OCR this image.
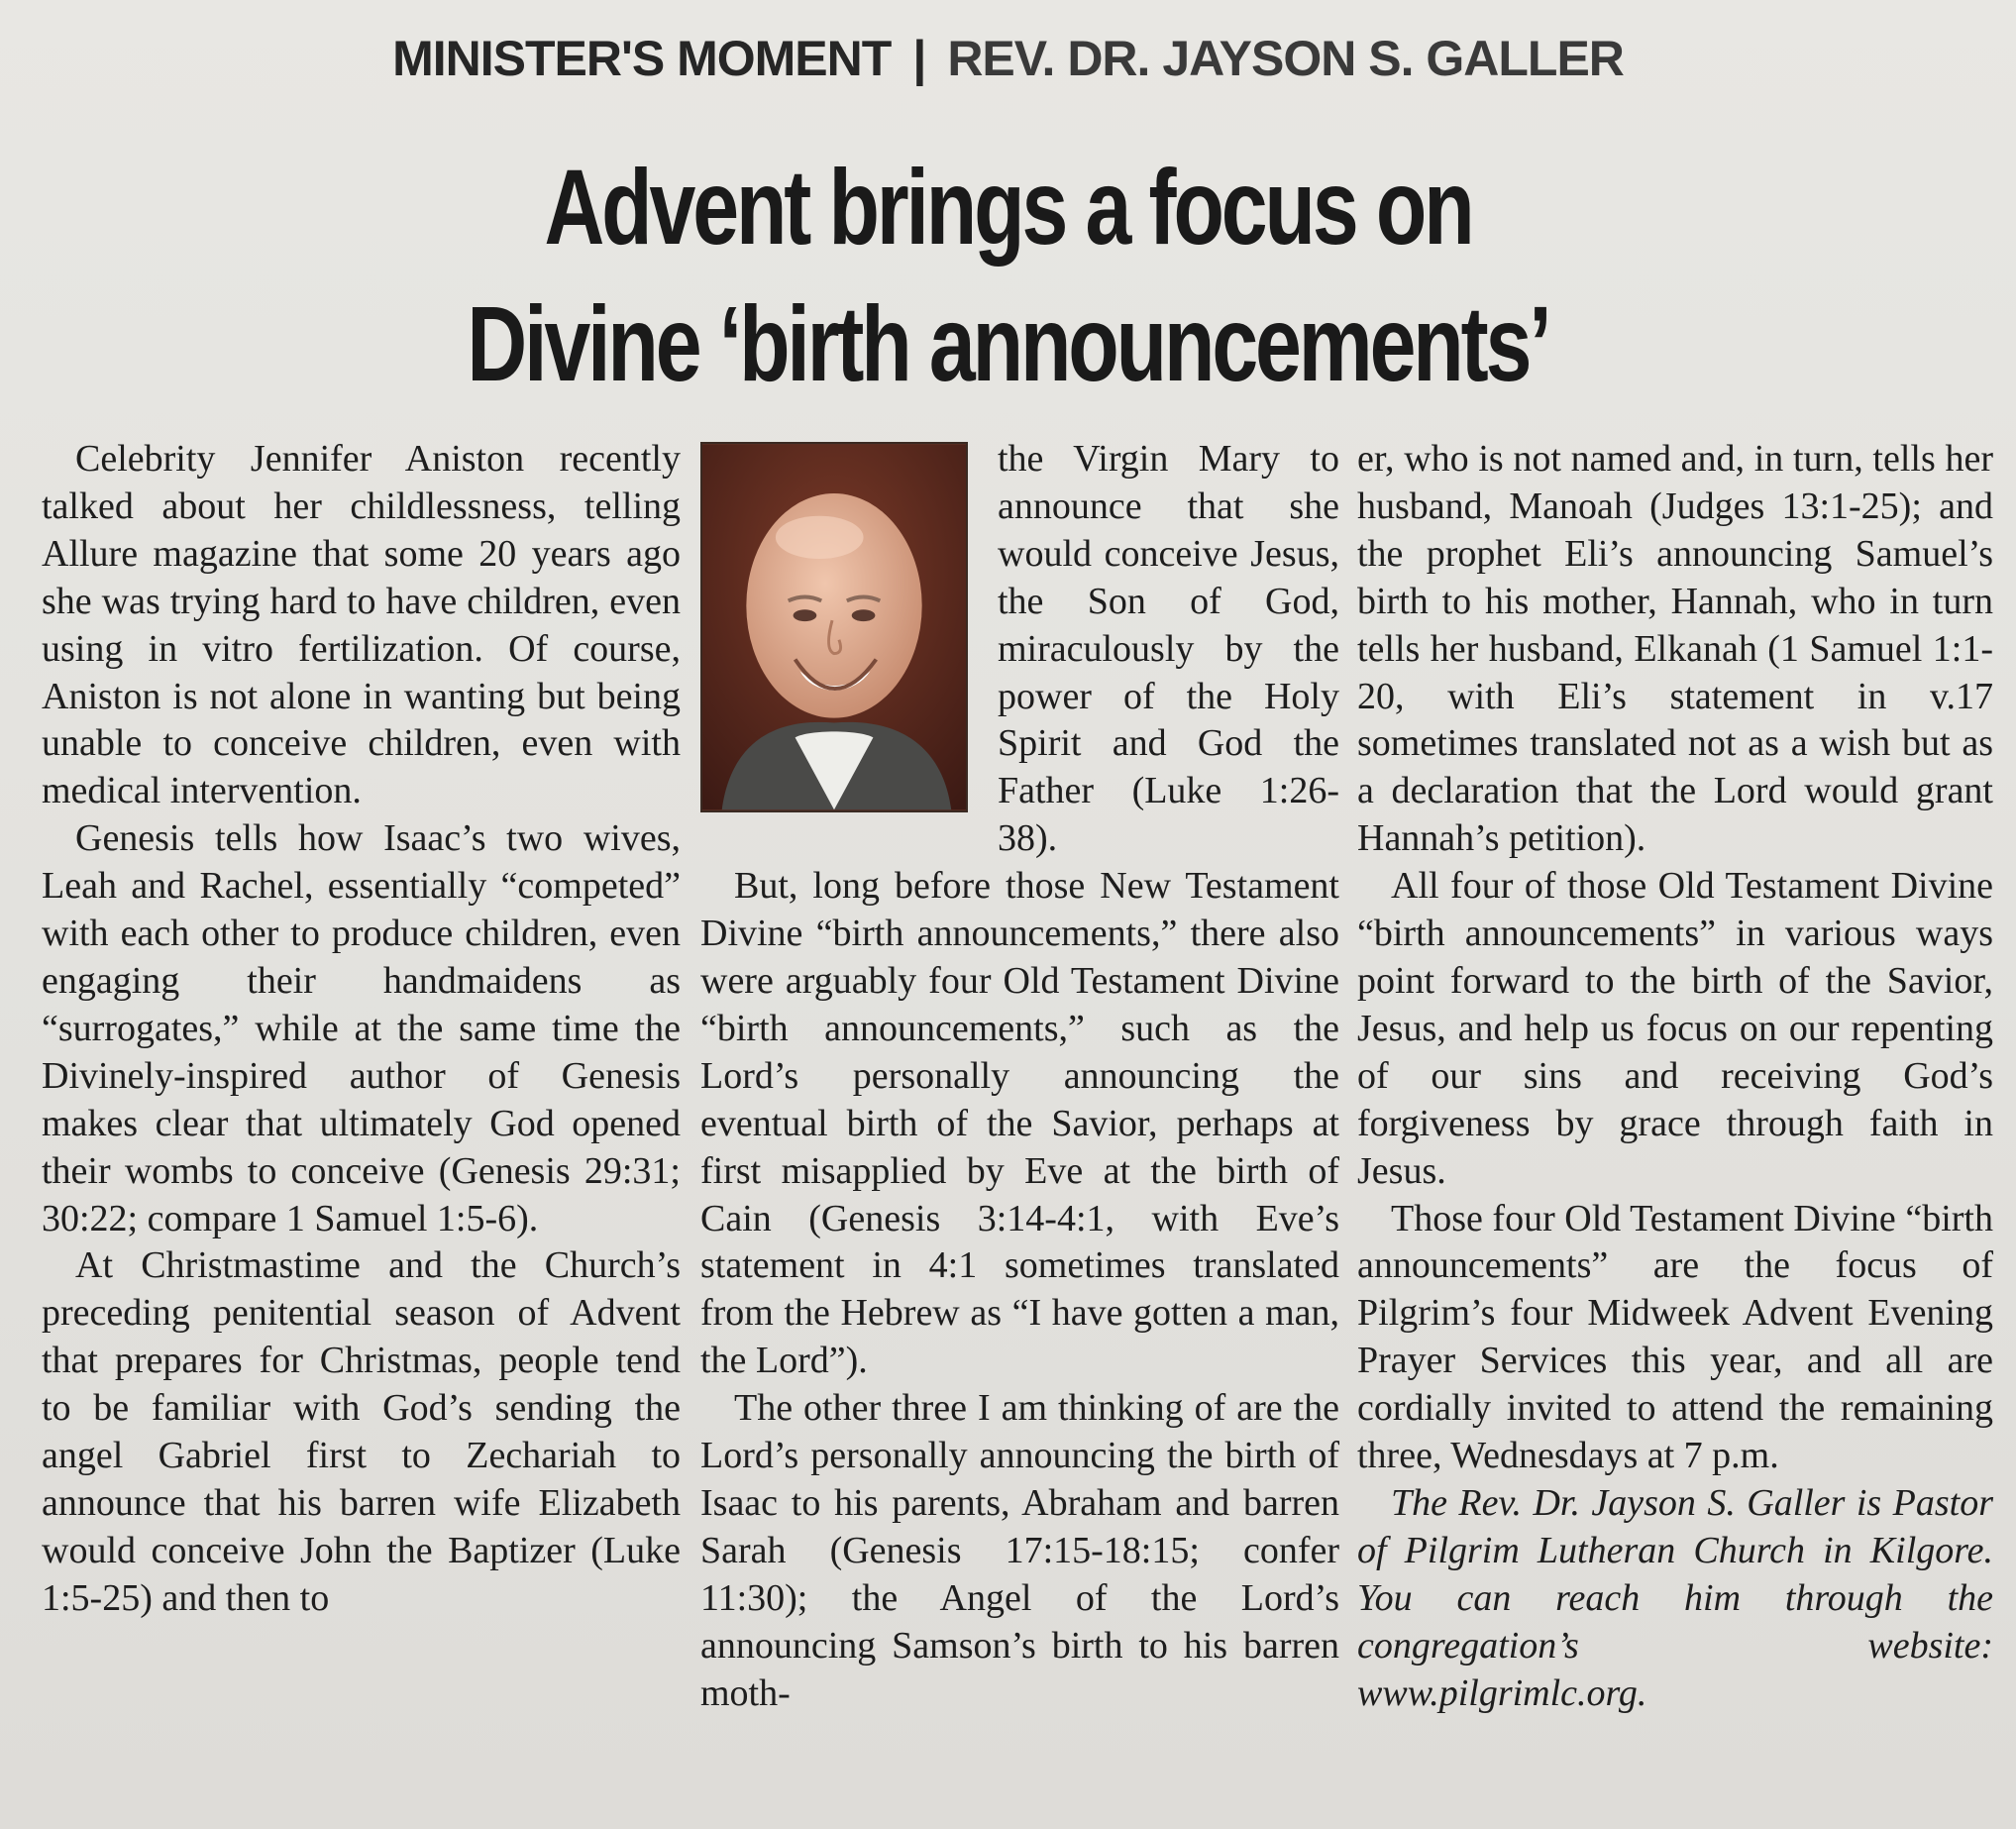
MINISTER'S MOMENT | REV. DR. JAYSON S. GALLER
Advent brings a focus on
Divine ‘birth announcements’

Celebrity Jennifer Aniston recently talked about her childlessness, telling Allure magazine that some 20 years ago she was trying hard to have children, even using in vitro fertilization. Of course, Aniston is not alone in wanting but being unable to conceive children, even with medical intervention.

Genesis tells how Isaac’s two wives, Leah and Rachel, essentially “competed” with each other to produce children, even engaging their handmaidens as “surrogates,” while at the same time the Divinely-inspired author of Genesis makes clear that ultimately God opened their wombs to conceive (Genesis 29:31; 30:22; compare 1 Samuel 1:5-6).

At Christmastime and the Church’s preceding penitential season of Advent that prepares for Christmas, people tend to be familiar with God’s sending the angel Gabriel first to Zechariah to announce that his barren wife Elizabeth would conceive John the Baptizer (Luke 1:5-25) and then to

the Virgin Mary to announce that she would conceive Jesus, the Son of God, miraculously by the power of the Holy Spirit and God the Father (Luke 1:26-38).

But, long before those New Testament Divine “birth announcements,” there also were arguably four Old Testament Divine “birth announcements,” such as the Lord’s personally announcing the eventual birth of the Savior, perhaps at first misapplied by Eve at the birth of Cain (Genesis 3:14-4:1, with Eve’s statement in 4:1 sometimes translated from the Hebrew as “I have gotten a man, the Lord”).

The other three I am thinking of are the Lord’s personally announcing the birth of Isaac to his parents, Abraham and barren Sarah (Genesis 17:15-18:15; confer 11:30); the Angel of the Lord’s announcing Samson’s birth to his barren moth-

er, who is not named and, in turn, tells her husband, Manoah (Judges 13:1-25); and the prophet Eli’s announcing Samuel’s birth to his mother, Hannah, who in turn tells her husband, Elkanah (1 Samuel 1:1-20, with Eli’s statement in v.17 sometimes translated not as a wish but as a declaration that the Lord would grant Hannah’s petition).

All four of those Old Testament Divine “birth announcements” in various ways point forward to the birth of the Savior, Jesus, and help us focus on our repenting of our sins and receiving God’s forgiveness by grace through faith in Jesus.

Those four Old Testament Divine “birth announcements” are the focus of Pilgrim’s four Midweek Advent Evening Prayer Services this year, and all are cordially invited to attend the remaining three, Wednesdays at 7 p.m.

The Rev. Dr. Jayson S. Galler is Pastor of Pilgrim Lutheran Church in Kilgore. You can reach him through the congregation’s website: www.pilgrimlc.org.
